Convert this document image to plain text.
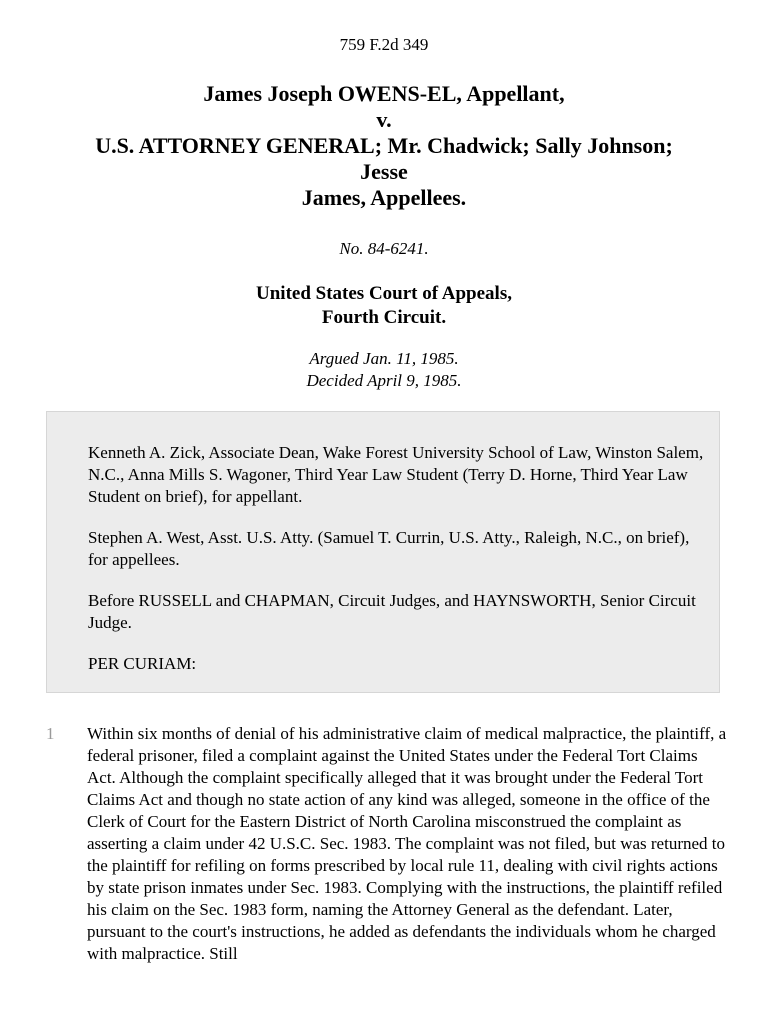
759 F.2d 349
James Joseph OWENS-EL, Appellant,
v.
U.S. ATTORNEY GENERAL; Mr. Chadwick; Sally Johnson;
Jesse
James, Appellees.
No. 84-6241.
United States Court of Appeals,
Fourth Circuit.
Argued Jan. 11, 1985.
Decided April 9, 1985.

Kenneth A. Zick, Associate Dean, Wake Forest University School of Law, Winston Salem, N.C., Anna Mills S. Wagoner, Third Year Law Student (Terry D. Horne, Third Year Law Student on brief), for appellant.

Stephen A. West, Asst. U.S. Atty. (Samuel T. Currin, U.S. Atty., Raleigh, N.C., on brief), for appellees.

Before RUSSELL and CHAPMAN, Circuit Judges, and HAYNSWORTH, Senior Circuit Judge.

PER CURIAM:

1 Within six months of denial of his administrative claim of medical malpractice, the plaintiff, a federal prisoner, filed a complaint against the United States under the Federal Tort Claims Act. Although the complaint specifically alleged that it was brought under the Federal Tort Claims Act and though no state action of any kind was alleged, someone in the office of the Clerk of Court for the Eastern District of North Carolina misconstrued the complaint as asserting a claim under 42 U.S.C. Sec. 1983. The complaint was not filed, but was returned to the plaintiff for refiling on forms prescribed by local rule 11, dealing with civil rights actions by state prison inmates under Sec. 1983. Complying with the instructions, the plaintiff refiled his claim on the Sec. 1983 form, naming the Attorney General as the defendant. Later, pursuant to the court's instructions, he added as defendants the individuals whom he charged with malpractice. Still
